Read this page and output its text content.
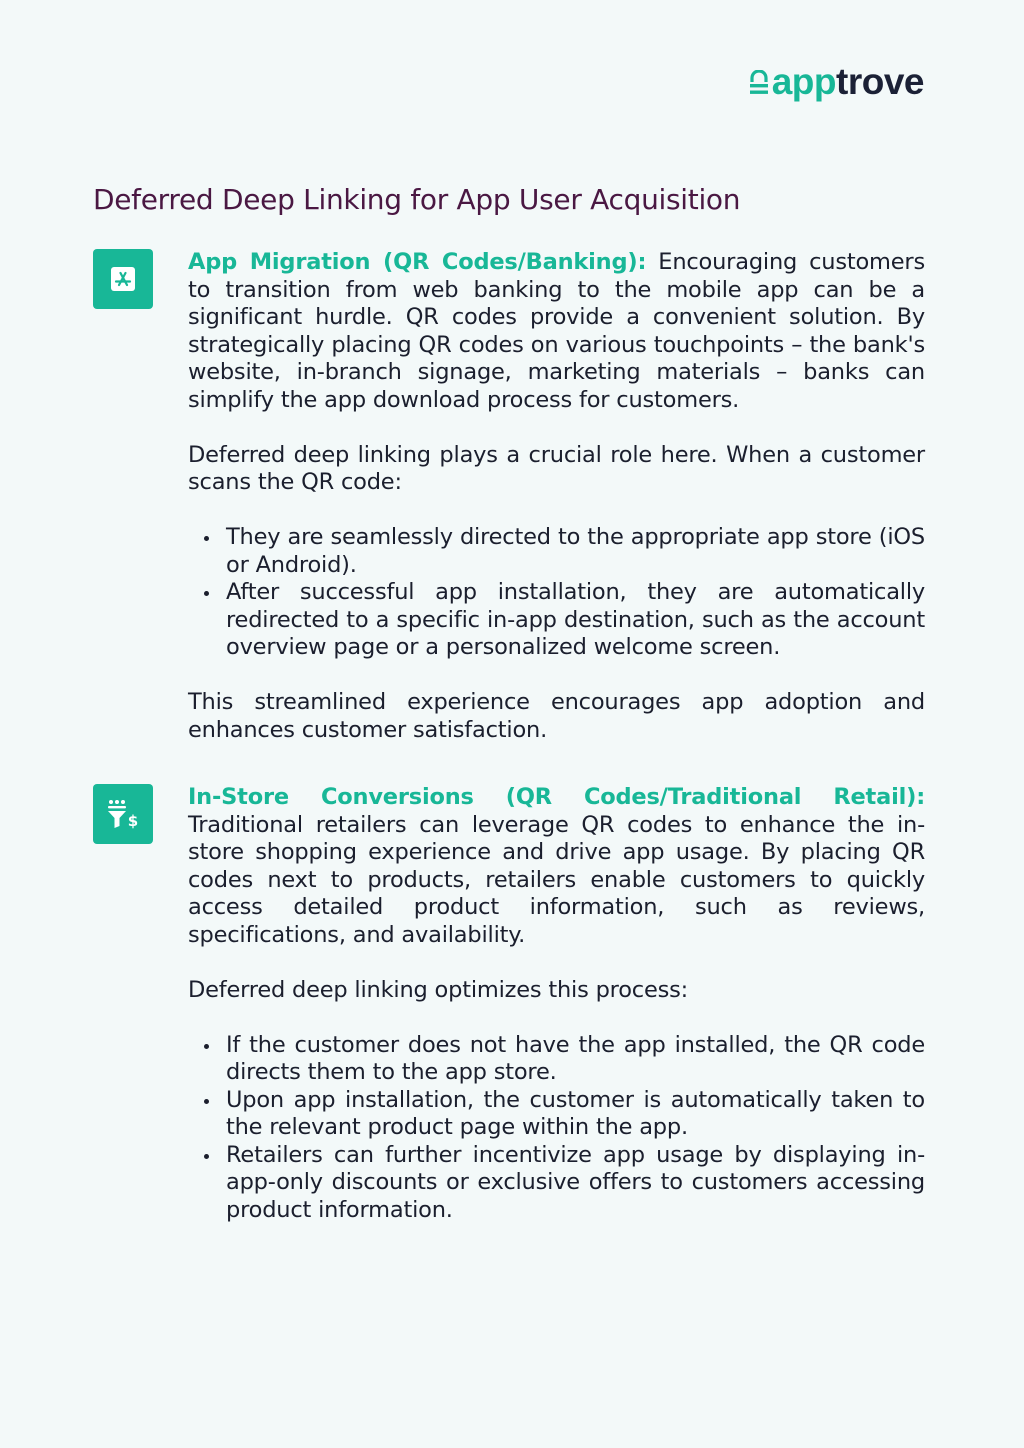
app trove
Deferred Deep Linking for App User Acquisition

App Migration (QR Codes/Banking): Encouraging customers to transition from web banking to the mobile app can be a significant hurdle. QR codes provide a convenient solution. By strategically placing QR codes on various touchpoints – the bank's website, in-branch signage, marketing materials – banks can simplify the app download process for customers.

Deferred deep linking plays a crucial role here. When a customer scans the QR code:

They are seamlessly directed to the appropriate app store (iOS or Android).
After successful app installation, they are automatically redirected to a specific in-app destination, such as the account overview page or a personalized welcome screen.

This streamlined experience encourages app adoption and enhances customer satisfaction.

$

In-Store Conversions (QR Codes/Traditional Retail): Traditional retailers can leverage QR codes to enhance the in-store shopping experience and drive app usage. By placing QR codes next to products, retailers enable customers to quickly access detailed product information, such as reviews, specifications, and availability.

Deferred deep linking optimizes this process:

If the customer does not have the app installed, the QR code directs them to the app store.
Upon app installation, the customer is automatically taken to the relevant product page within the app.
Retailers can further incentivize app usage by displaying in-app-only discounts or exclusive offers to customers accessing product information.
